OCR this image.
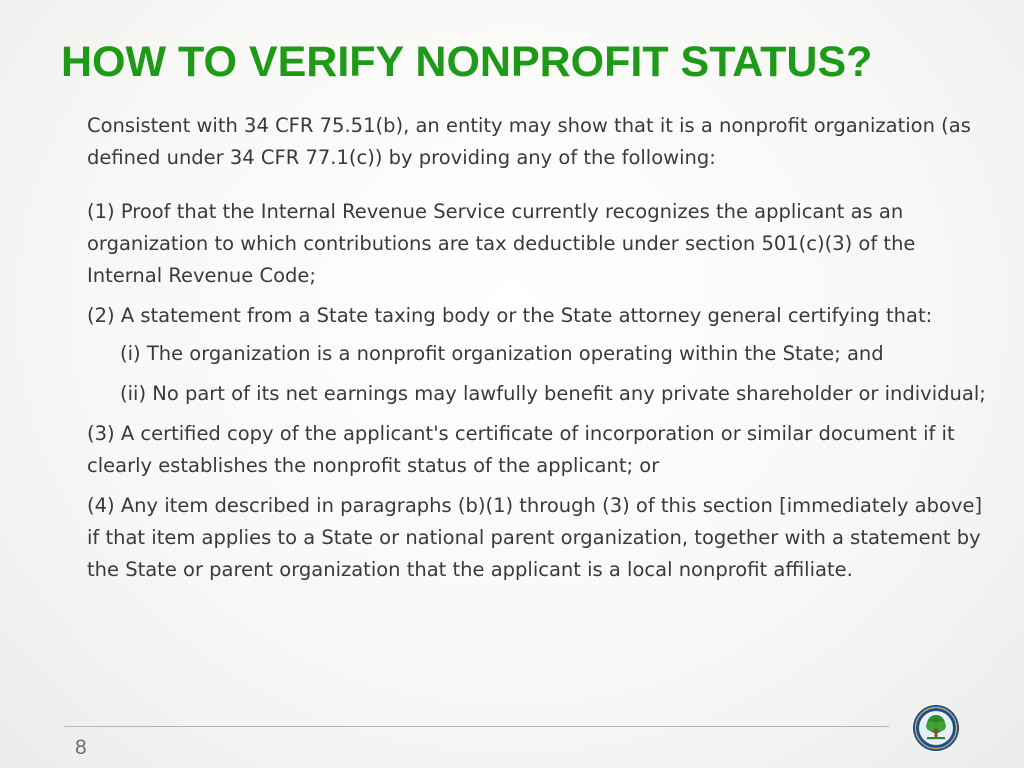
HOW TO VERIFY NONPROFIT STATUS?

Consistent with 34 CFR 75.51(b), an entity may show that it is a nonprofit organization (as defined under 34 CFR 77.1(c)) by providing any of the following:

(1) Proof that the Internal Revenue Service currently recognizes the applicant as an organization to which contributions are tax deductible under section 501(c)(3) of the Internal Revenue Code;

(2) A statement from a State taxing body or the State attorney general certifying that:

(i) The organization is a nonprofit organization operating within the State; and

(ii) No part of its net earnings may lawfully benefit any private shareholder or individual;

(3) A certified copy of the applicant's certificate of incorporation or similar document if it clearly establishes the nonprofit status of the applicant; or

(4) Any item described in paragraphs (b)(1) through (3) of this section [immediately above] if that item applies to a State or national parent organization, together with a statement by the State or parent organization that the applicant is a local nonprofit affiliate.

8
